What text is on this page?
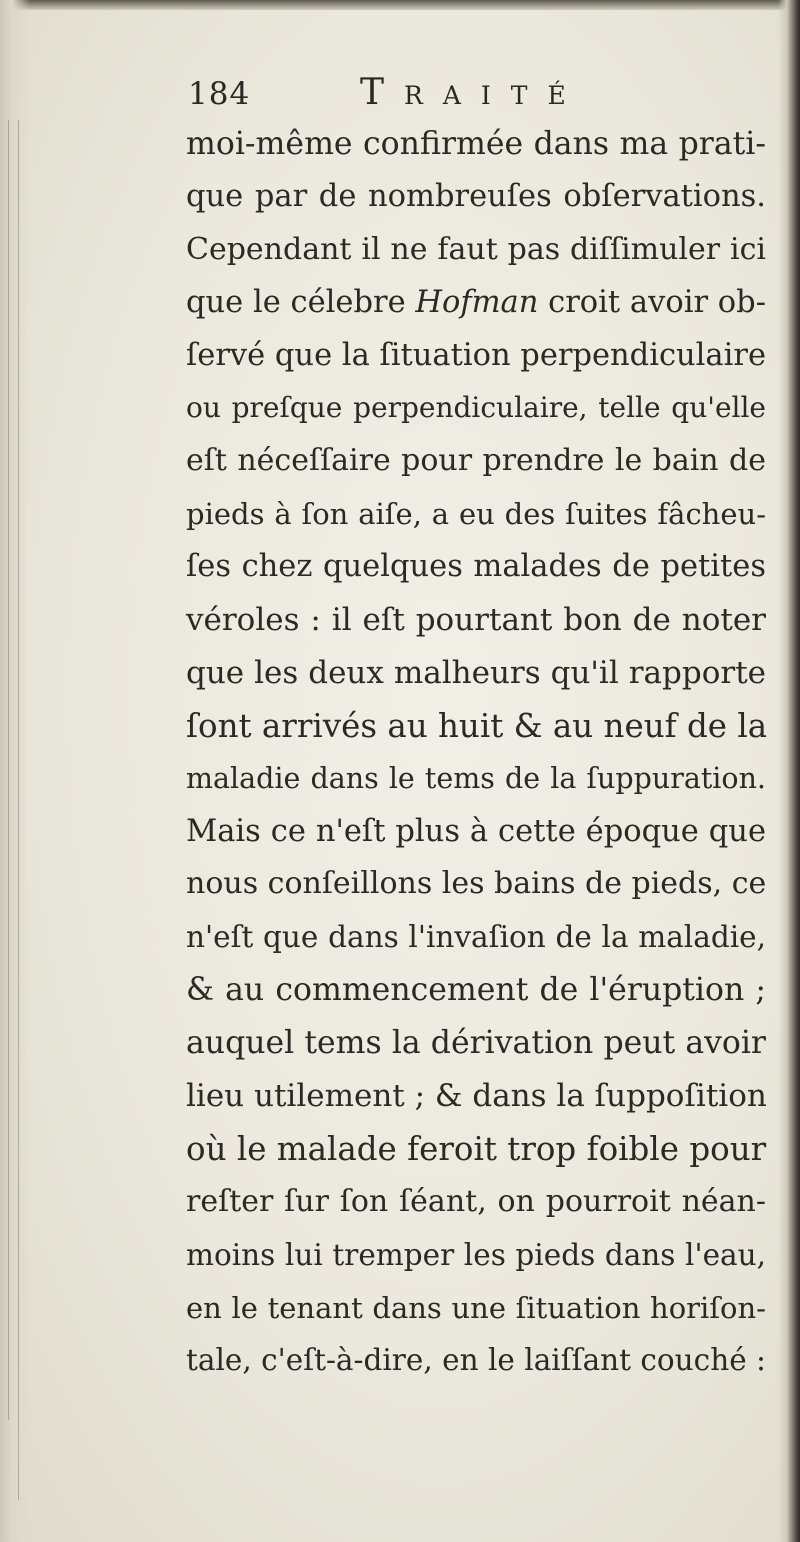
184	Traité
moi-même confirmée dans ma prati-
que par de nombreuſes obſervations.
Cependant il ne faut pas diſſimuler ici
que le célebre Hofman croit avoir ob-
ſervé que la ſituation perpendiculaire
ou preſque perpendiculaire, telle qu'elle
eſt néceſſaire pour prendre le bain de
pieds à ſon aiſe, a eu des ſuites fâcheu-
ſes chez quelques malades de petites
véroles : il eſt pourtant bon de noter
que les deux malheurs qu'il rapporte
ſont arrivés au huit & au neuf de la
maladie dans le tems de la ſuppuration.
Mais ce n'eſt plus à cette époque que
nous conſeillons les bains de pieds, ce
n'eſt que dans l'invaſion de la maladie,
& au commencement de l'éruption ;
auquel tems la dérivation peut avoir
lieu utilement ; & dans la ſuppoſition
où le malade feroit trop foible pour
reſter ſur ſon ſéant, on pourroit néan-
moins lui tremper les pieds dans l'eau,
en le tenant dans une ſituation horiſon-
tale, c'eſt-à-dire, en le laiſſant couché :
